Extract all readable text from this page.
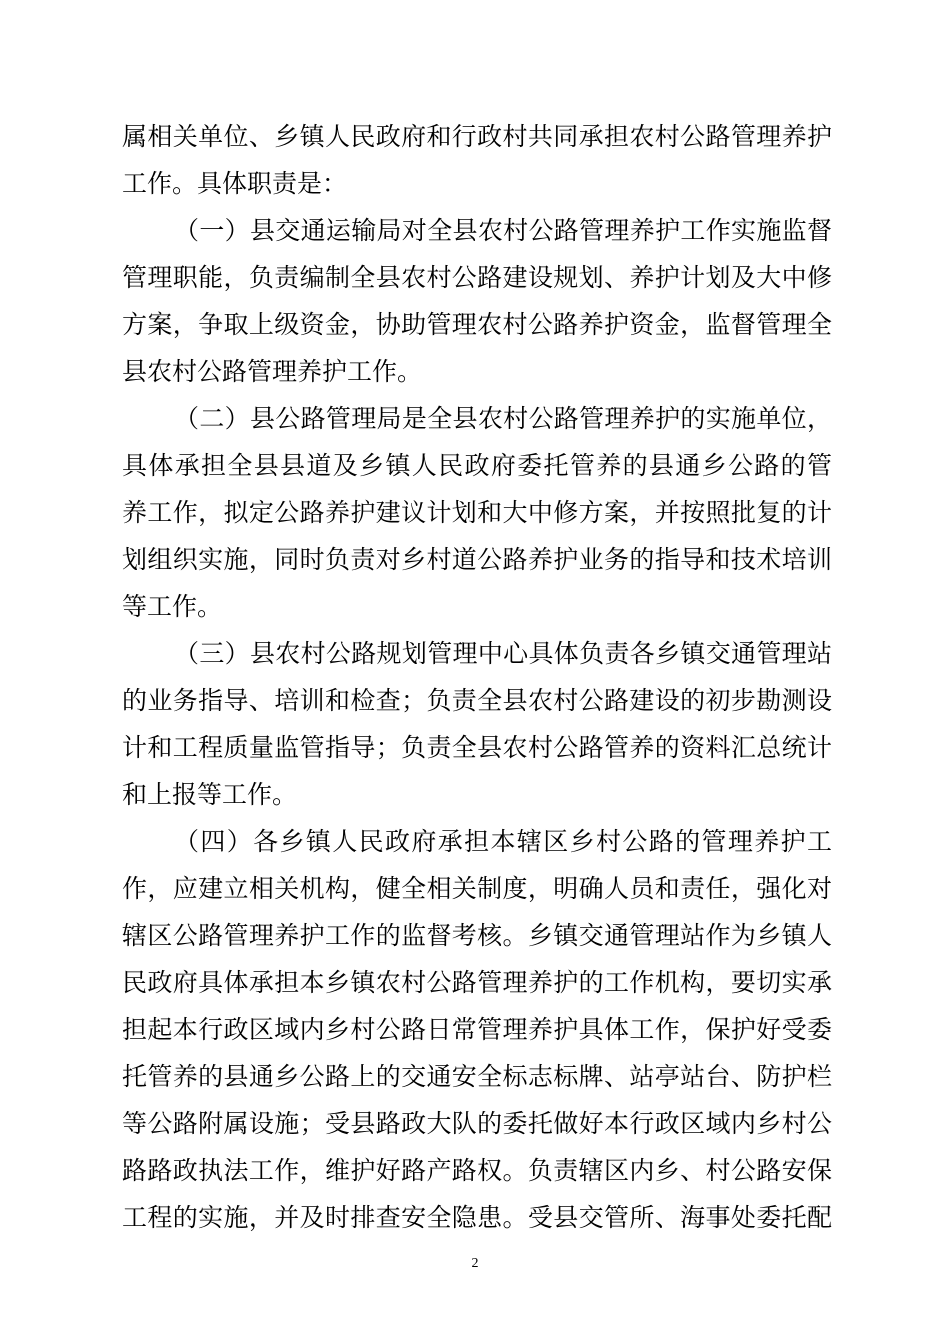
属相关单位、乡镇人民政府和行政村共同承担农村公路管理养护
工作。具体职责是：
（一）县交通运输局对全县农村公路管理养护工作实施监督
管理职能，负责编制全县农村公路建设规划、养护计划及大中修
方案，争取上级资金，协助管理农村公路养护资金，监督管理全
县农村公路管理养护工作。
（二）县公路管理局是全县农村公路管理养护的实施单位，
具体承担全县县道及乡镇人民政府委托管养的县通乡公路的管
养工作，拟定公路养护建议计划和大中修方案，并按照批复的计
划组织实施，同时负责对乡村道公路养护业务的指导和技术培训
等工作。
（三）县农村公路规划管理中心具体负责各乡镇交通管理站
的业务指导、培训和检查；负责全县农村公路建设的初步勘测设
计和工程质量监管指导；负责全县农村公路管养的资料汇总统计
和上报等工作。
（四）各乡镇人民政府承担本辖区乡村公路的管理养护工
作，应建立相关机构，健全相关制度，明确人员和责任，强化对
辖区公路管理养护工作的监督考核。乡镇交通管理站作为乡镇人
民政府具体承担本乡镇农村公路管理养护的工作机构，要切实承
担起本行政区域内乡村公路日常管理养护具体工作，保护好受委
托管养的县通乡公路上的交通安全标志标牌、站亭站台、防护栏
等公路附属设施；受县路政大队的委托做好本行政区域内乡村公
路路政执法工作，维护好路产路权。负责辖区内乡、村公路安保
工程的实施，并及时排查安全隐患。受县交管所、海事处委托配
2
